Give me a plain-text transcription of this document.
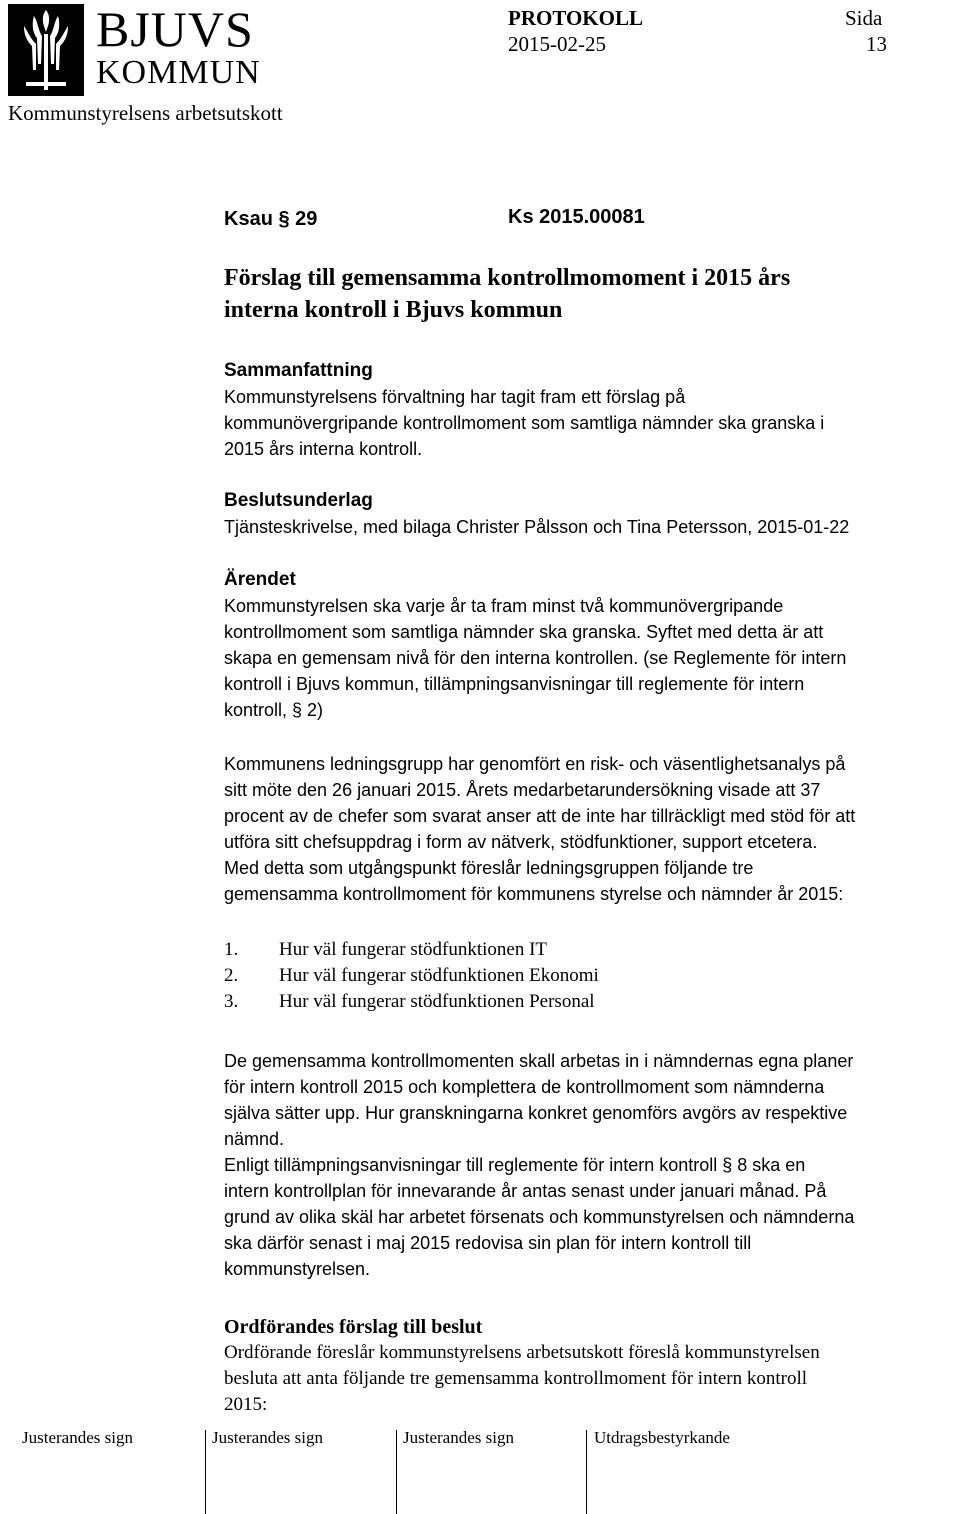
BJUVS
KOMMUN
PROTOKOLL	Sida
2015-02-25	13
Kommunstyrelsens arbetsutskott
Ksau § 29	Ks 2015.00081
Förslag till gemensamma kontrollmomoment i 2015 års
interna kontroll i Bjuvs kommun
Sammanfattning
Kommunstyrelsens förvaltning har tagit fram ett förslag på
kommunövergripande kontrollmoment som samtliga nämnder ska granska i
2015 års interna kontroll.
Beslutsunderlag
Tjänsteskrivelse, med bilaga Christer Pålsson och Tina Petersson, 2015-01-22
Ärendet
Kommunstyrelsen ska varje år ta fram minst två kommunövergripande
kontrollmoment som samtliga nämnder ska granska. Syftet med detta är att
skapa en gemensam nivå för den interna kontrollen. (se Reglemente för intern
kontroll i Bjuvs kommun, tillämpningsanvisningar till reglemente för intern
kontroll, § 2)
Kommunens ledningsgrupp har genomfört en risk- och väsentlighetsanalys på
sitt möte den 26 januari 2015. Årets medarbetarundersökning visade att 37
procent av de chefer som svarat anser att de inte har tillräckligt med stöd för att
utföra sitt chefsuppdrag i form av nätverk, stödfunktioner, support etcetera.
Med detta som utgångspunkt föreslår ledningsgruppen följande tre
gemensamma kontrollmoment för kommunens styrelse och nämnder år 2015:
1. Hur väl fungerar stödfunktionen IT
2. Hur väl fungerar stödfunktionen Ekonomi
3. Hur väl fungerar stödfunktionen Personal
De gemensamma kontrollmomenten skall arbetas in i nämndernas egna planer
för intern kontroll 2015 och komplettera de kontrollmoment som nämnderna
själva sätter upp. Hur granskningarna konkret genomförs avgörs av respektive
nämnd.
Enligt tillämpningsanvisningar till reglemente för intern kontroll § 8 ska en
intern kontrollplan för innevarande år antas senast under januari månad. På
grund av olika skäl har arbetet försenats och kommunstyrelsen och nämnderna
ska därför senast i maj 2015 redovisa sin plan för intern kontroll till
kommunstyrelsen.
Ordförandes förslag till beslut
Ordförande föreslår kommunstyrelsens arbetsutskott föreslå kommunstyrelsen
besluta att anta följande tre gemensamma kontrollmoment för intern kontroll
2015:
Justerandes sign	Justerandes sign	Justerandes sign	Utdragsbestyrkande
